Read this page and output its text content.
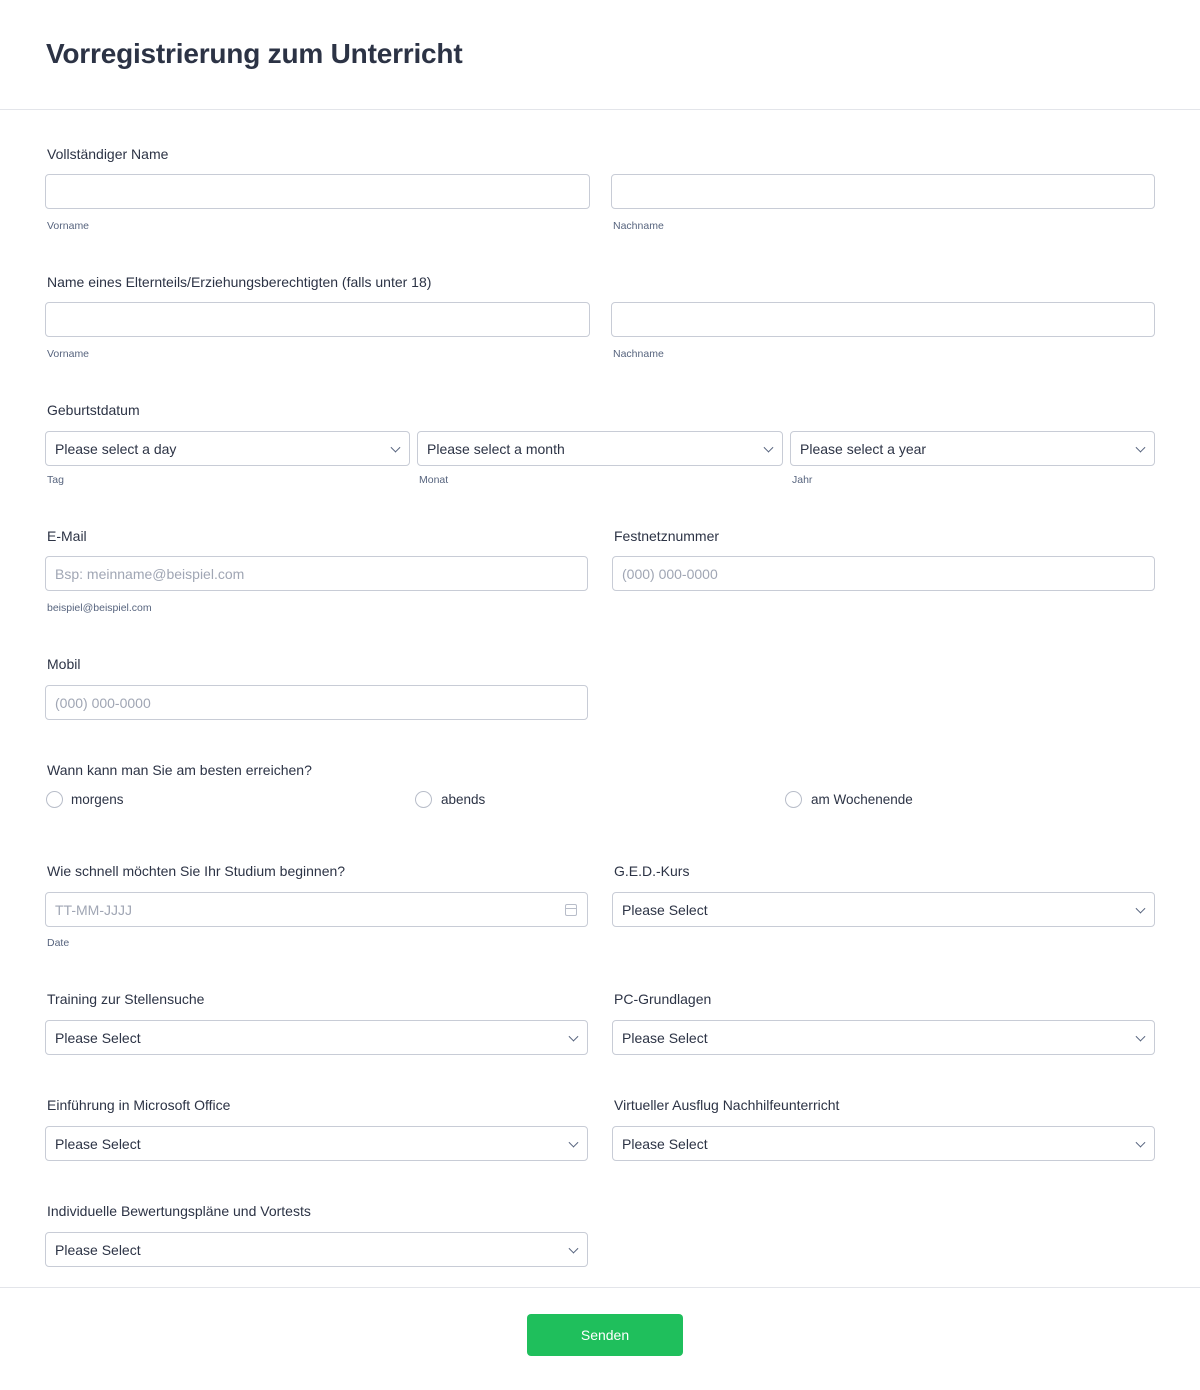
Vorregistrierung zum Unterricht
Vollständiger Name
Vorname	Nachname
Name eines Elternteils/Erziehungsberechtigten (falls unter 18)
Vorname	Nachname
Geburtstdatum
Please select a day	Please select a month	Please select a year
Tag	Monat	Jahr
E-Mail
Bsp: meinname@beispiel.com
beispiel@beispiel.com
Festnetznummer
(000) 000-0000
Mobil
(000) 000-0000
Wann kann man Sie am besten erreichen?
morgens	abends	am Wochenende
Wie schnell möchten Sie Ihr Studium beginnen?
TT-MM-JJJJ
Date
G.E.D.-Kurs
Please Select
Training zur Stellensuche
Please Select
PC-Grundlagen
Please Select
Einführung in Microsoft Office
Please Select
Virtueller Ausflug Nachhilfeunterricht
Please Select
Individuelle Bewertungspläne und Vortests
Please Select
Senden
